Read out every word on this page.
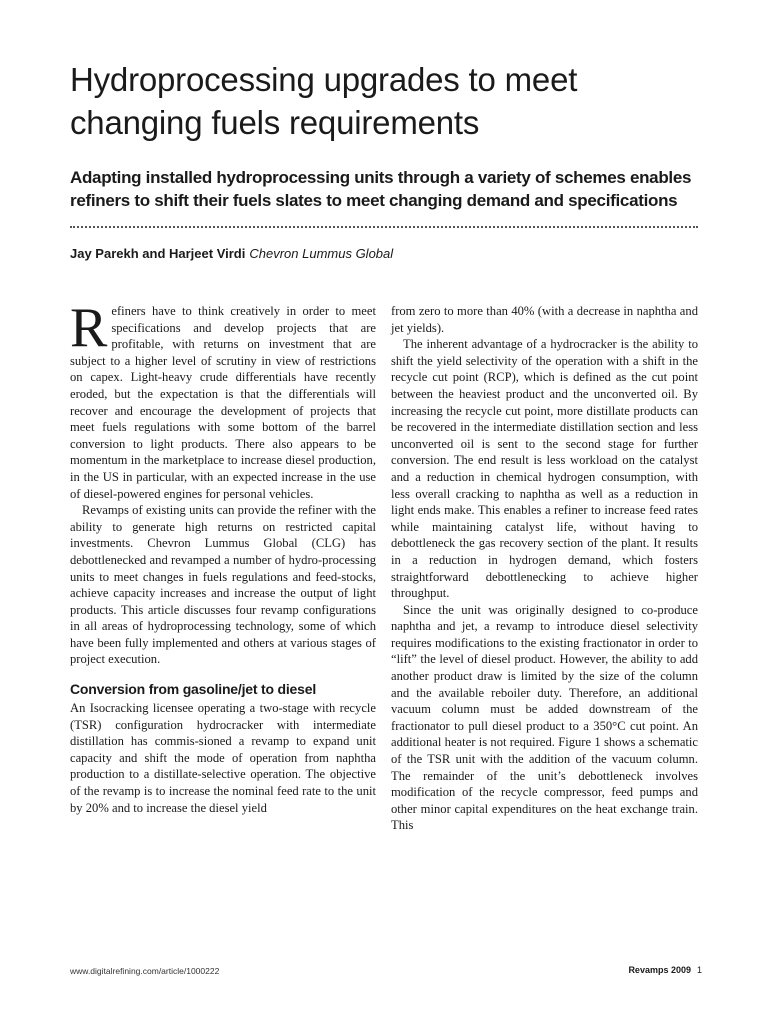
Hydroprocessing upgrades to meet changing fuels requirements
Adapting installed hydroprocessing units through a variety of schemes enables refiners to shift their fuels slates to meet changing demand and specifications
Jay Parekh and Harjeet Virdi Chevron Lummus Global

Refiners have to think creatively in order to meet specifications and develop projects that are profitable, with returns on investment that are subject to a higher level of scrutiny in view of restrictions on capex. Light-heavy crude differentials have recently eroded, but the expectation is that the differentials will recover and encourage the development of projects that meet fuels regulations with some bottom of the barrel conversion to light products. There also appears to be momentum in the marketplace to increase diesel production, in the US in particular, with an expected increase in the use of diesel-powered engines for personal vehicles.

Revamps of existing units can provide the refiner with the ability to generate high returns on restricted capital investments. Chevron Lummus Global (CLG) has debottlenecked and revamped a number of hydro-processing units to meet changes in fuels regulations and feed-stocks, achieve capacity increases and increase the output of light products. This article discusses four revamp configurations in all areas of hydroprocessing technology, some of which have been fully implemented and others at various stages of project execution.

Conversion from gasoline/jet to diesel

An Isocracking licensee operating a two-stage with recycle (TSR) configuration hydrocracker with intermediate distillation has commis-sioned a revamp to expand unit capacity and shift the mode of operation from naphtha production to a distillate-selective operation. The objective of the revamp is to increase the nominal feed rate to the unit by 20% and to increase the diesel yield

from zero to more than 40% (with a decrease in naphtha and jet yields).

The inherent advantage of a hydrocracker is the ability to shift the yield selectivity of the operation with a shift in the recycle cut point (RCP), which is defined as the cut point between the heaviest product and the unconverted oil. By increasing the recycle cut point, more distillate products can be recovered in the intermediate distillation section and less unconverted oil is sent to the second stage for further conversion. The end result is less workload on the catalyst and a reduction in chemical hydrogen consumption, with less overall cracking to naphtha as well as a reduction in light ends make. This enables a refiner to increase feed rates while maintaining catalyst life, without having to debottleneck the gas recovery section of the plant. It results in a reduction in hydrogen demand, which fosters straightforward debottlenecking to achieve higher throughput.

Since the unit was originally designed to co-produce naphtha and jet, a revamp to introduce diesel selectivity requires modifications to the existing fractionator in order to “lift” the level of diesel product. However, the ability to add another product draw is limited by the size of the column and the available reboiler duty. Therefore, an additional vacuum column must be added downstream of the fractionator to pull diesel product to a 350°C cut point. An additional heater is not required. Figure 1 shows a schematic of the TSR unit with the addition of the vacuum column. The remainder of the unit’s debottleneck involves modification of the recycle compressor, feed pumps and other minor capital expenditures on the heat exchange train. This

www.digitalrefining.com/article/1000222	Revamps 2009 1
